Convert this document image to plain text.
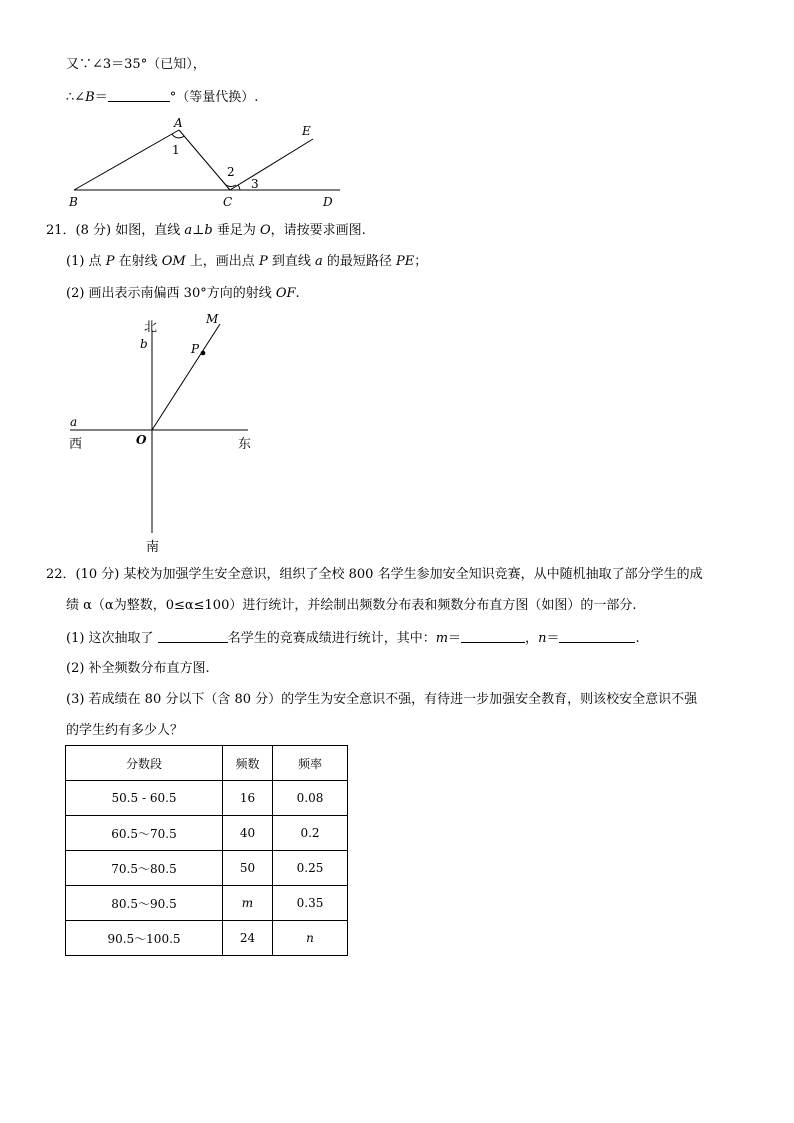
又∵∠3＝35°（已知），
∴∠B＝	°（等量代换）.
A
1
2
3
E
B	C	D
21．(8 分) 如图，直线 a⊥b 垂足为 O，请按要求画图.
(1) 点 P 在射线 OM 上，画出点 P 到直线 a 的最短路径 PE；
(2) 画出表示南偏西 30°方向的射线 OF.
北
b
M
P
a
西	O	东
南
22．(10 分) 某校为加强学生安全意识，组织了全校 800 名学生参加安全知识竞赛，从中随机抽取了部分学生的成
绩 α（α为整数，0≤α≤100）进行统计，并绘制出频数分布表和频数分布直方图（如图）的一部分.
(1) 这次抽取了	名学生的竞赛成绩进行统计，其中：m＝	，n＝	.
(2) 补全频数分布直方图.
(3) 若成绩在 80 分以下（含 80 分）的学生为安全意识不强，有待进一步加强安全教育，则该校安全意识不强
的学生约有多少人？
分数段	频数	频率
50.5 - 60.5	16	0.08
60.5～70.5	40	0.2
70.5～80.5	50	0.25
80.5～90.5	m	0.35
90.5～100.5	24	n
